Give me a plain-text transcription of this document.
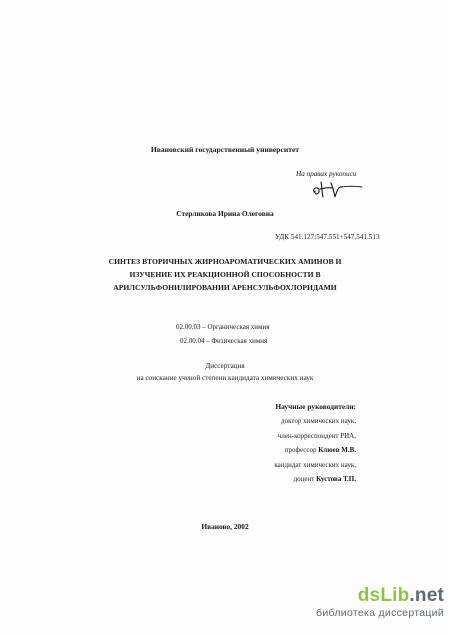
Ивановский государственный университет
На правах рукописи
Стерликова Ирина Олеговна
УДК 541.127:547.551+547.541.513
СИНТЕЗ ВТОРИЧНЫХ ЖИРНОАРОМАТИЧЕСКИХ АМИНОВ И
ИЗУЧЕНИЕ ИХ РЕАКЦИОННОЙ СПОСОБНОСТИ В
АРИЛСУЛЬФОНИЛИРОВАНИИ АРЕНСУЛЬФОХЛОРИДАМИ
02.00.03 – Органическая химия
02.00.04 – Физическая химия
Диссертация
на соискание ученой степени кандидата химических наук
Научные руководители:
доктор химических наук,
член-корреспондент РИА,
профессор Клюев М.В.
кандидат химических наук,
доцент Кустова Т.П.
Иваново, 2002
dsLib.net
библиотека диссертаций
